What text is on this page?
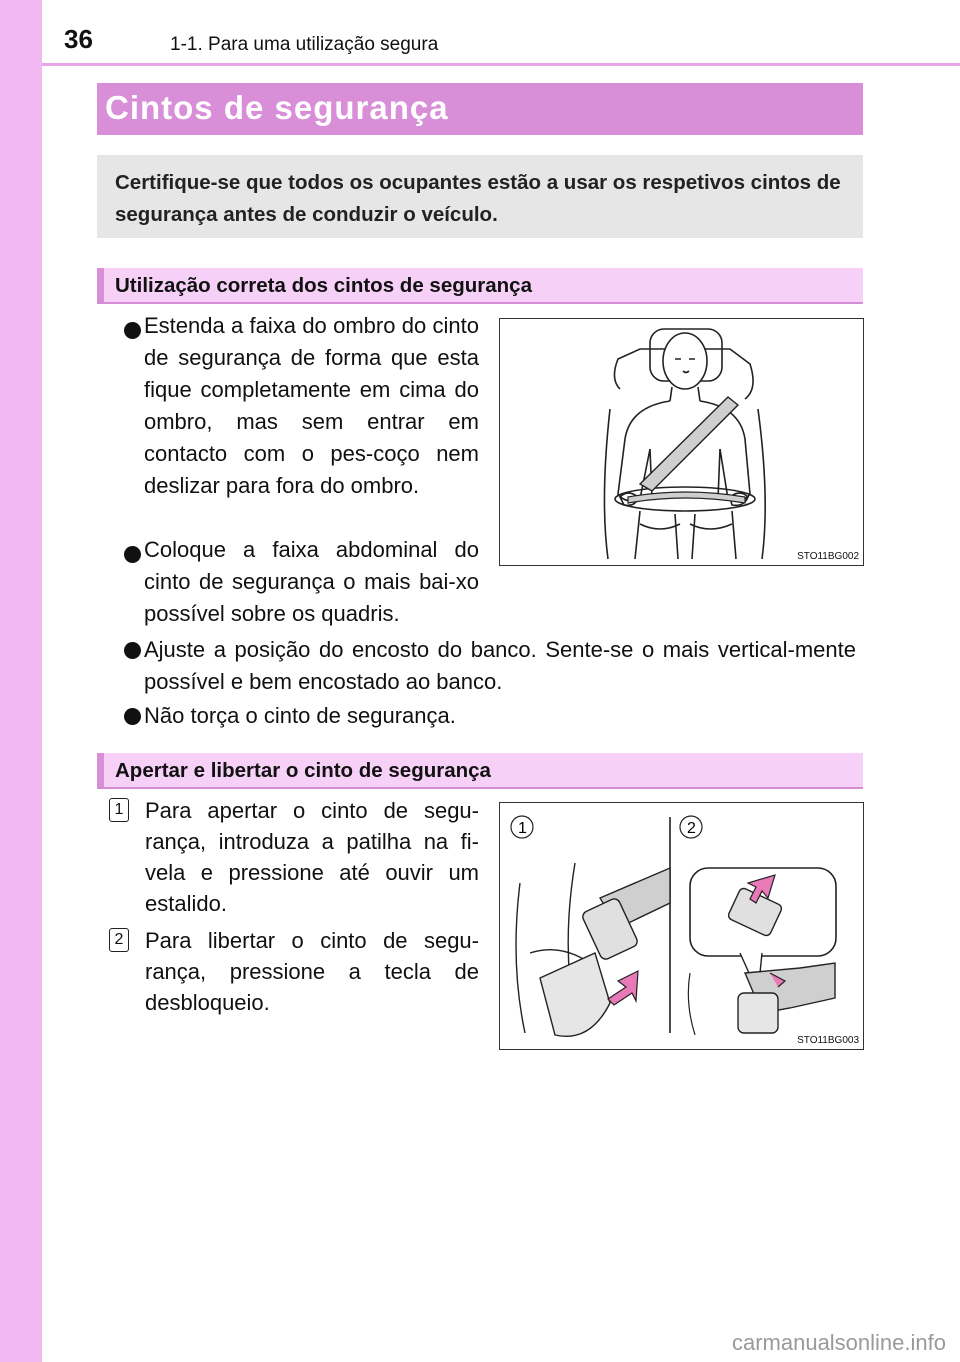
36	1-1. Para uma utilização segura
Cintos de segurança
Certifique-se que todos os ocupantes estão a usar os respetivos cintos de segurança antes de conduzir o veículo.
Utilização correta dos cintos de segurança
Estenda a faixa do ombro do cinto de segurança de forma que esta fique completamente em cima do ombro, mas sem entrar em contacto com o pes-coço nem deslizar para fora do ombro.
Coloque a faixa abdominal do cinto de segurança o mais bai-xo possível sobre os quadris.
Ajuste a posição do encosto do banco. Sente-se o mais vertical-mente possível e bem encostado ao banco.
Não torça o cinto de segurança.
STO11BG002
Apertar e libertar o cinto de segurança
1 Para apertar o cinto de segu-rança, introduza a patilha na fi-vela e pressione até ouvir um estalido.
2 Para libertar o cinto de segu-rança, pressione a tecla de desbloqueio.
1	2
STO11BG003
carmanualsonline.info
